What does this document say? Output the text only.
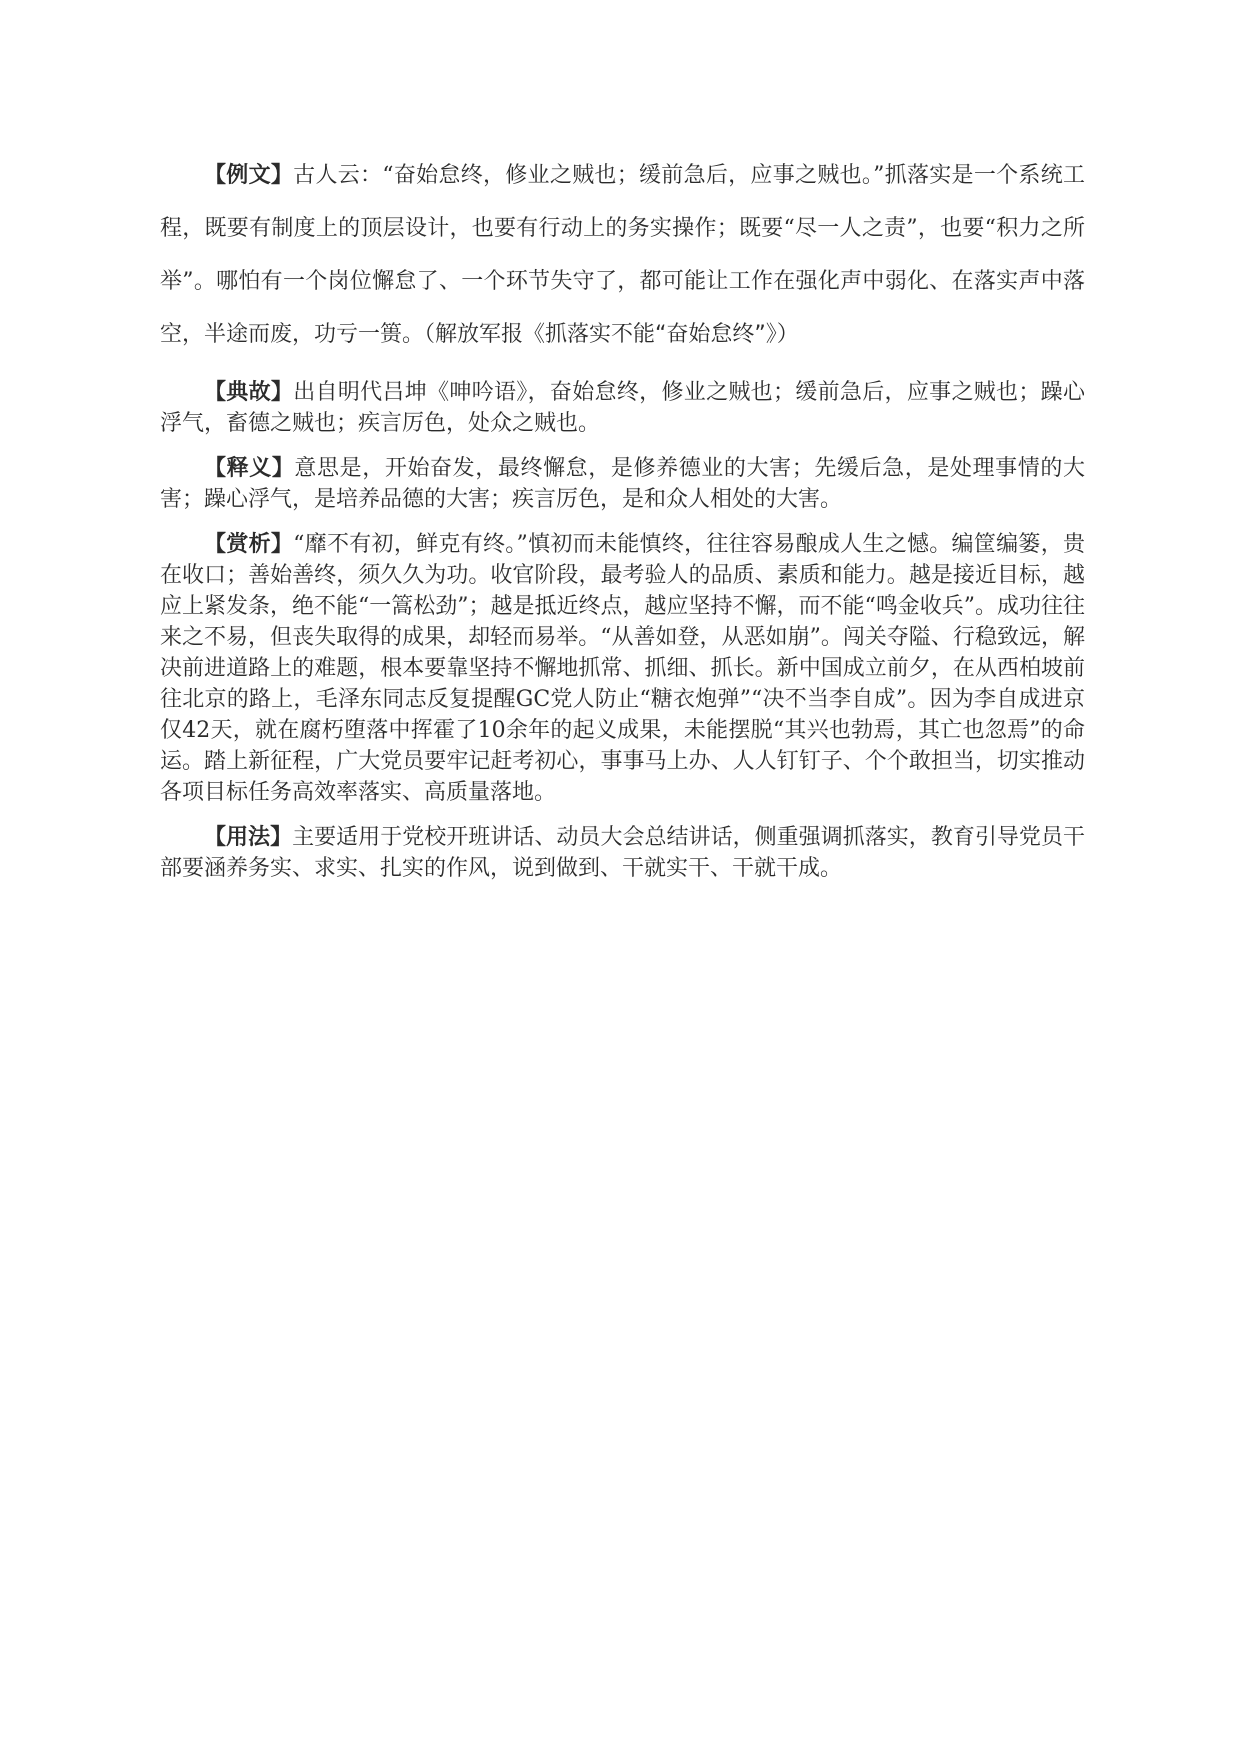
【例文】古人云：“奋始怠终，修业之贼也；缓前急后，应事之贼也。”抓落实是一个系统工程，既要有制度上的顶层设计，也要有行动上的务实操作；既要“尽一人之责”，也要“积力之所举”。哪怕有一个岗位懈怠了、一个环节失守了，都可能让工作在强化声中弱化、在落实声中落空，半途而废，功亏一篑。（解放军报《抓落实不能“奋始怠终”》）

【典故】出自明代吕坤《呻吟语》，奋始怠终，修业之贼也；缓前急后，应事之贼也；躁心浮气，畜德之贼也；疾言厉色，处众之贼也。

【释义】意思是，开始奋发，最终懈怠，是修养德业的大害；先缓后急，是处理事情的大害；躁心浮气，是培养品德的大害；疾言厉色，是和众人相处的大害。

【赏析】“靡不有初，鲜克有终。”慎初而未能慎终，往往容易酿成人生之憾。编筐编篓，贵在收口；善始善终，须久久为功。收官阶段，最考验人的品质、素质和能力。越是接近目标，越应上紧发条，绝不能“一篙松劲”；越是抵近终点，越应坚持不懈，而不能“鸣金收兵”。成功往往来之不易，但丧失取得的成果，却轻而易举。“从善如登，从恶如崩”。闯关夺隘、行稳致远，解决前进道路上的难题，根本要靠坚持不懈地抓常、抓细、抓长。新中国成立前夕，在从西柏坡前往北京的路上，毛泽东同志反复提醒GC党人防止“糖衣炮弹”“决不当李自成”。因为李自成进京仅42天，就在腐朽堕落中挥霍了10余年的起义成果，未能摆脱“其兴也勃焉，其亡也忽焉”的命运。踏上新征程，广大党员要牢记赶考初心，事事马上办、人人钉钉子、个个敢担当，切实推动各项目标任务高效率落实、高质量落地。

【用法】主要适用于党校开班讲话、动员大会总结讲话，侧重强调抓落实，教育引导党员干部要涵养务实、求实、扎实的作风，说到做到、干就实干、干就干成。
